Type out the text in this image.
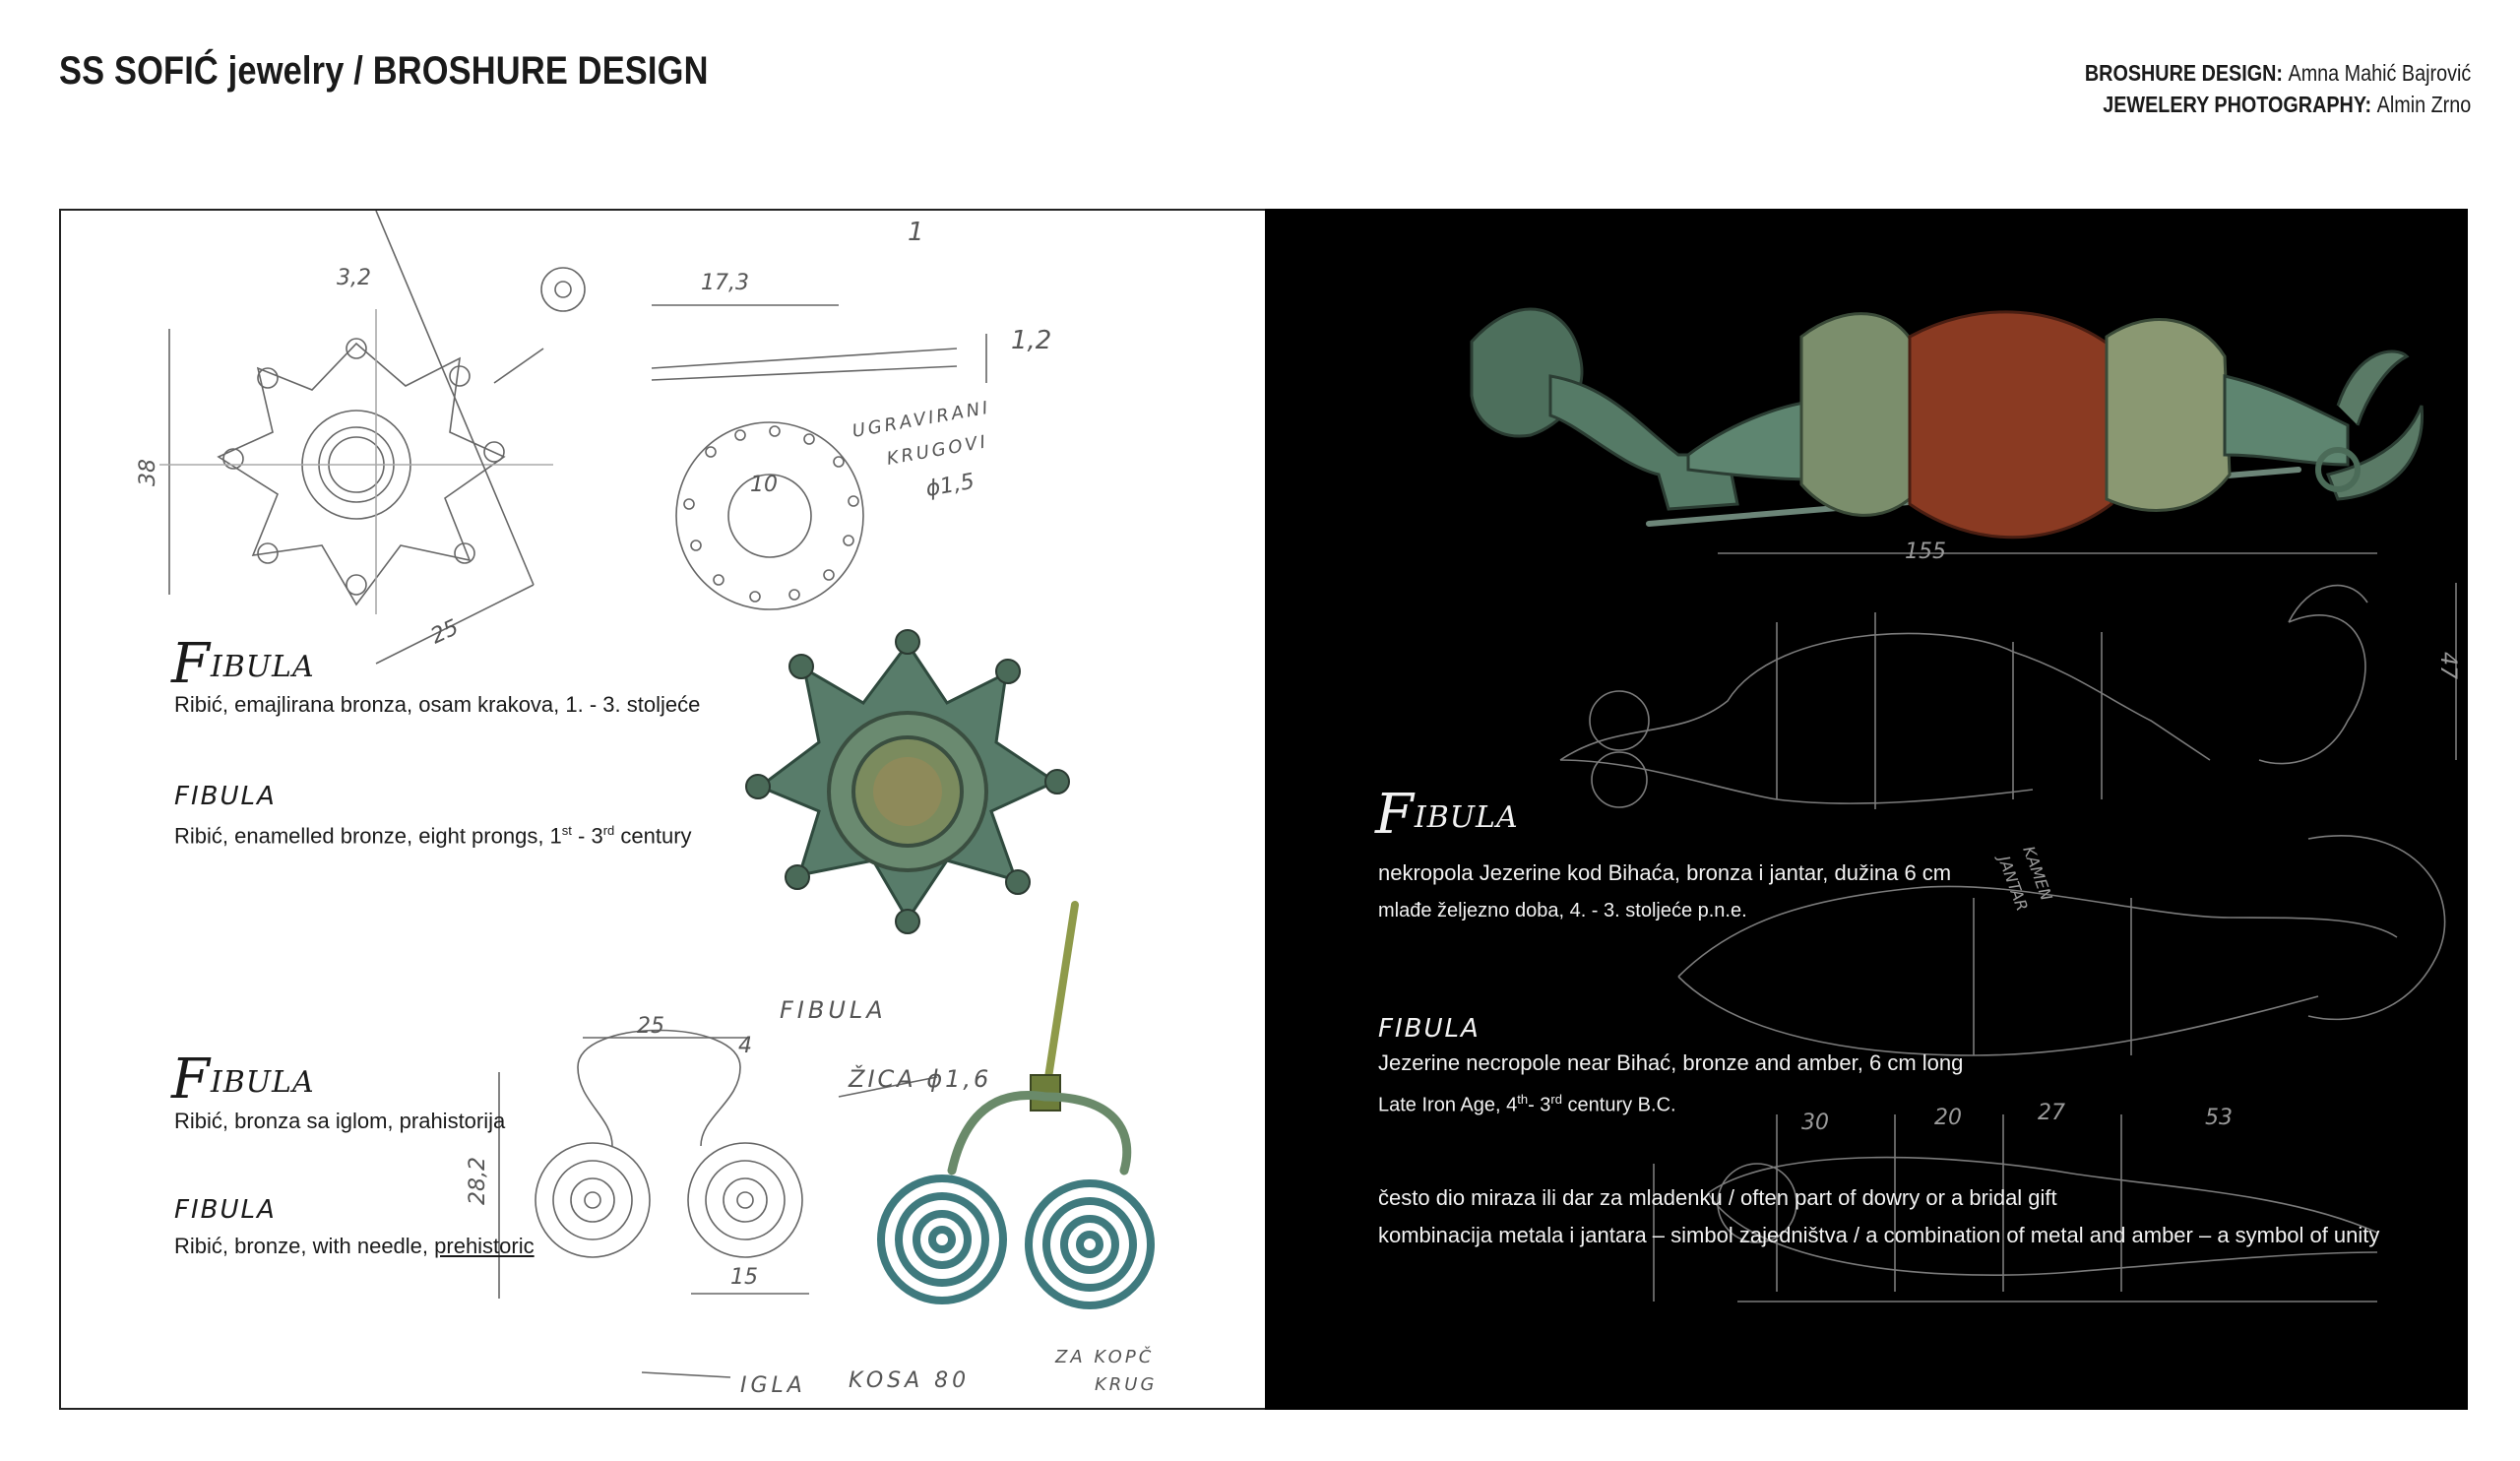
SS SOFIĆ jewelry / BROSHURE DESIGN	BROSHURE DESIGN: Amna Mahić Bajrović
JEWELERY PHOTOGRAPHY: Almin Zrno
3,2	17,3
1,2
38
25
10
1
UGRAVIRANI
KRUGOVI
ϕ1,5
FIBULA
25
4
ŽICA ϕ1,6
28,2
15
IGLA KOSA 80
ZA KOPČ
KRUG
FIBULA
Ribić, emajlirana bronza, osam krakova, 1. - 3. stoljeće
FIBULA
Ribić, enamelled bronze, eight prongs, 1st - 3rd century
FIBULA
Ribić, bronza sa iglom, prahistorija
FIBULA
Ribić, bronze, with needle, prehistoric
155
47
KAMEN
JANTAR
30	20	27	53
FIBULA
nekropola Jezerine kod Bihaća, bronza i jantar, dužina 6 cm
mlađe željezno doba, 4. - 3. stoljeće p.n.e.
FIBULA
Jezerine necropole near Bihać, bronze and amber, 6 cm long
Late Iron Age, 4th- 3rd century B.C.
često dio miraza ili dar za mladenku / often part of dowry or a bridal gift
kombinacija metala i jantara – simbol zajedništva / a combination of metal and amber – a symbol of unity
